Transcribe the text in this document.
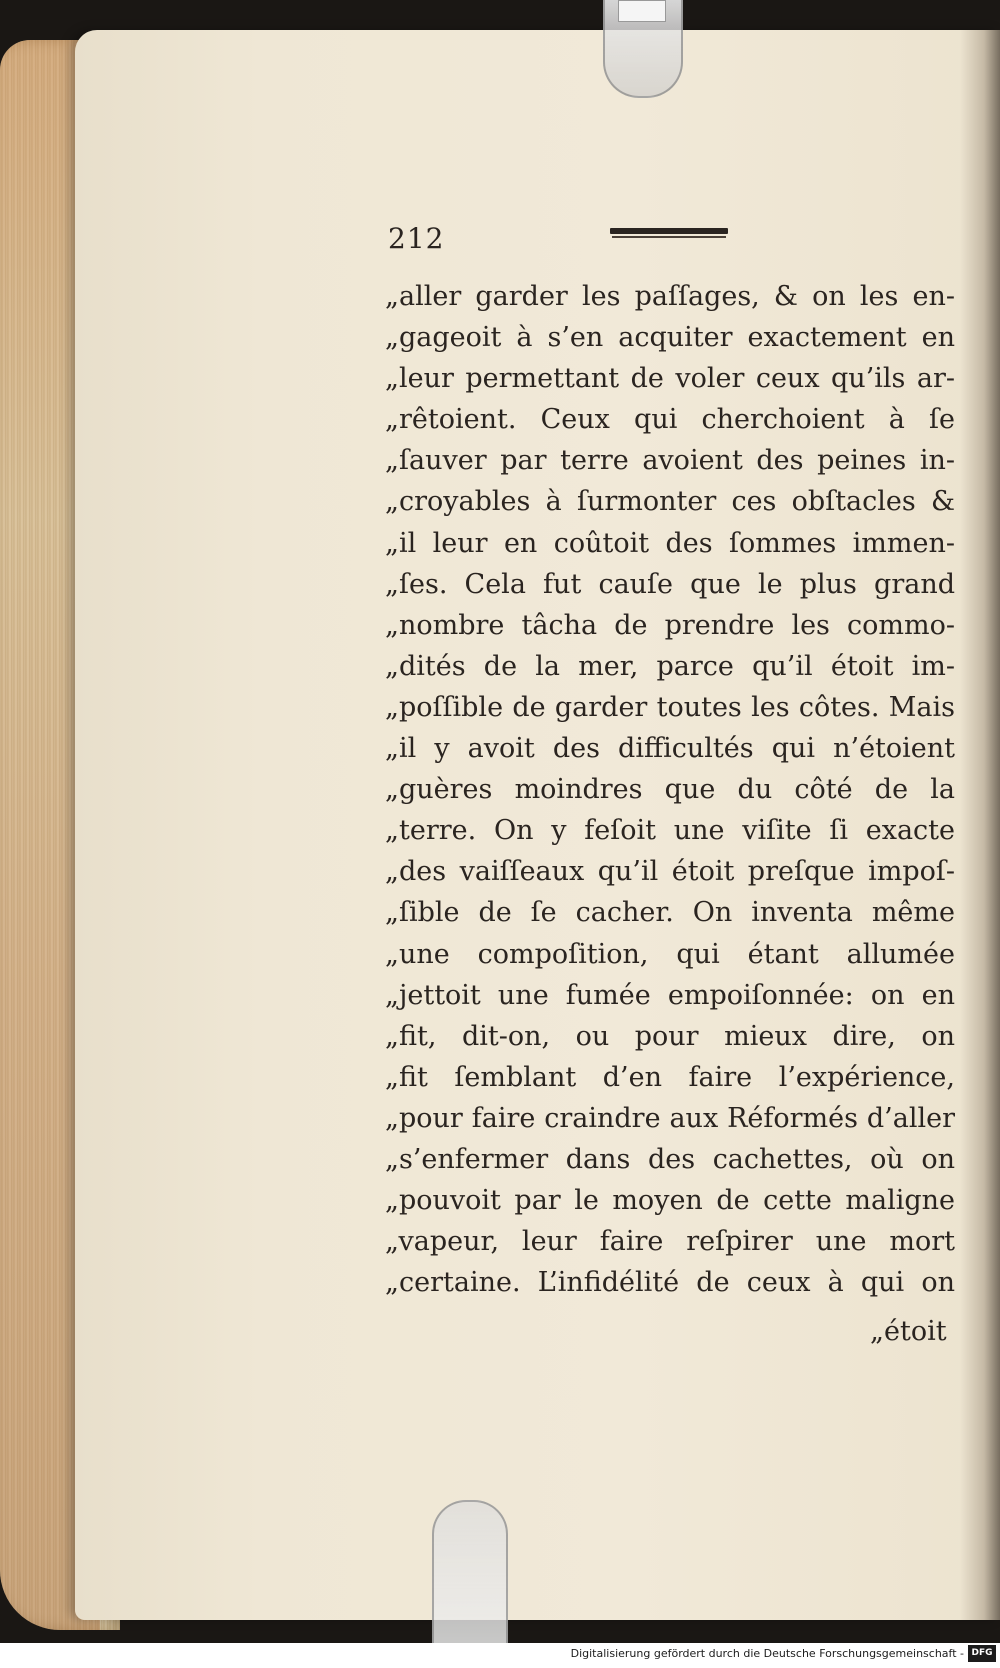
212
„aller garder les paſſages, & on les en-
„gageoit à s’en acquiter exactement en
„leur permettant de voler ceux qu’ils ar-
„rêtoient. Ceux qui cherchoient à ſe
„ſauver par terre avoient des peines in-
„croyables à ſurmonter ces obſtacles &
„il leur en coûtoit des ſommes immen-
„ſes. Cela fut cauſe que le plus grand
„nombre tâcha de prendre les commo-
„dités de la mer, parce qu’il étoit im-
„poſſible de garder toutes les côtes. Mais
„il y avoit des difficultés qui n’étoient
„guères moindres que du côté de la
„terre. On y feſoit une viſite ſi exacte
„des vaiſſeaux qu’il étoit preſque impoſ-
„ſible de ſe cacher. On inventa même
„une compoſition, qui étant allumée
„jettoit une fumée empoiſonnée: on en
„fit, dit-on, ou pour mieux dire, on
„fit ſemblant d’en faire l’expérience,
„pour faire craindre aux Réformés d’aller
„s’enfermer dans des cachettes, où on
„pouvoit par le moyen de cette maligne
„vapeur, leur faire reſpirer une mort
„certaine. L’infidélité de ceux à qui on
„étoit
Digitalisierung gefördert durch die Deutsche Forschungsgemeinschaft - DFG
